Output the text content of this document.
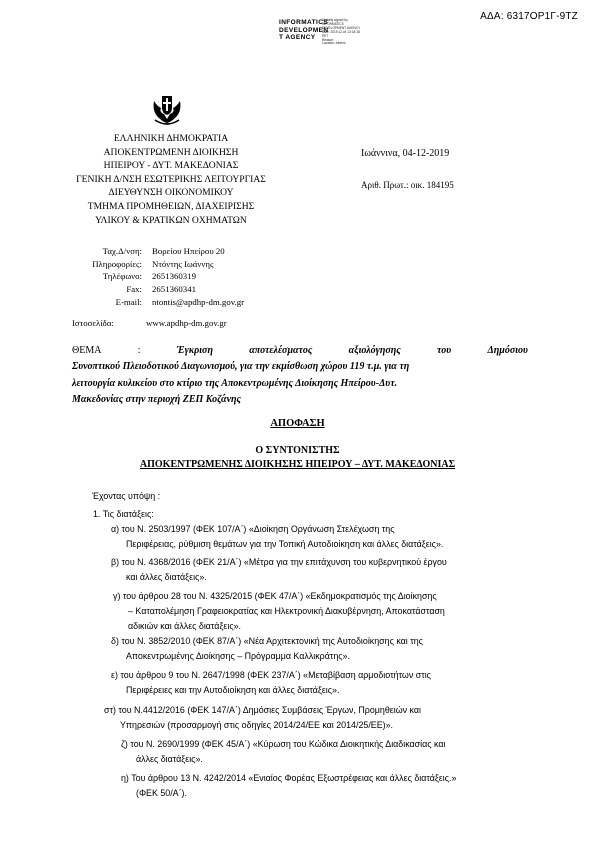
ΑΔΑ: 6317ΟΡ1Γ-9ΤΖ
INFORMATICS
DEVELOPMEN
T AGENCY
Digitally signed by
INFORMATICS
DEVELOPMENT AGENCY
Date: 2019.12.04 13:18:18
EET
Reason:
Location: Athens
ΕΛΛΗΝΙΚΗ ΔΗΜΟΚΡΑΤΙΑ
ΑΠΟΚΕΝΤΡΩΜΕΝΗ ΔΙΟΙΚΗΣΗ
ΗΠΕΙΡΟΥ - ΔΥΤ. ΜΑΚΕΔΟΝΙΑΣ
ΓΕΝΙΚΗ Δ/ΝΣΗ ΕΣΩΤΕΡΙΚΗΣ ΛΕΙΤΟΥΡΓΙΑΣ
ΔΙΕΥΘΥΝΣΗ ΟΙΚΟΝΟΜΙΚΟΥ
ΤΜΗΜΑ ΠΡΟΜΗΘΕΙΩΝ, ΔΙΑΧΕΙΡΙΣΗΣ
ΥΛΙΚΟΥ & ΚΡΑΤΙΚΩΝ ΟΧΗΜΑΤΩΝ
Ιωάννινα, 04-12-2019
Αριθ. Πρωτ.: οικ. 184195
Ταχ.Δ/νση:	Βορείου Ηπείρου 20
Πληροφορίες:	Ντόντης Ιωάννης
Τηλέφωνο:	2651360319
Fax:	2651360341
E-mail:	ntontis@apdhp-dm.gov.gr
Ιστοσελίδα:	www.apdhp-dm.gov.gr
ΘΕΜΑ	:	Έγκριση	αποτελέσματος	αξιολόγησης	του	Δημόσιου
Συνοπτικού Πλειοδοτικού Διαγωνισμού, για την εκμίσθωση χώρου 119 τ.μ. για τη
λειτουργία κυλικείου στο κτίριο της Αποκεντρωμένης Διοίκησης Ηπείρου-Δυτ.
Μακεδονίας στην περιοχή ΖΕΠ Κοζάνης
ΑΠΟΦΑΣΗ
Ο ΣΥΝΤΟΝΙΣΤΗΣ
ΑΠΟΚΕΝΤΡΩΜΕΝΗΣ ΔΙΟΙΚΗΣΗΣ ΗΠΕΙΡΟΥ – ΔΥΤ. ΜΑΚΕΔΟΝΙΑΣ
Έχοντας υπόψη :
1. Τις διατάξεις:
α) του Ν. 2503/1997 (ΦΕΚ 107/Α΄) «Διοίκηση Οργάνωση Στελέχωση της
Περιφέρειας, ρύθμιση θεμάτων για την Τοπική Αυτοδιοίκηση και άλλες διατάξεις».
β) του Ν. 4368/2016 (ΦΕΚ 21/Α΄) «Μέτρα για την επιτάχυνση του κυβερνητικού έργου
και άλλες διατάξεις».
γ) του άρθρου 28 του Ν. 4325/2015 (ΦΕΚ 47/Α΄) «Εκδημοκρατισμός της Διοίκησης
– Καταπολέμηση Γραφειοκρατίας και Ηλεκτρονική Διακυβέρνηση, Αποκατάσταση
αδικιών και άλλες διατάξεις».
δ) του Ν. 3852/2010 (ΦΕΚ 87/Α΄) «Νέα Αρχιτεκτονική της Αυτοδιοίκησης και της
Αποκεντρωμένης Διοίκησης – Πρόγραμμα Καλλικράτης».
ε) του άρθρου 9 του Ν. 2647/1998 (ΦΕΚ 237/Α΄) «Μεταβίβαση αρμοδιοτήτων στις
Περιφέρειες και την Αυτοδιοίκηση και άλλες διατάξεις».
στ) του Ν.4412/2016 (ΦΕΚ 147/Α΄) Δημόσιες Συμβάσεις Έργων, Προμηθειών και
Υπηρεσιών (προσαρμογή στις οδηγίες 2014/24/ΕΕ και 2014/25/ΕΕ)».
ζ) του Ν. 2690/1999 (ΦΕΚ 45/Α΄) «Κύρωση του Κώδικα Διοικητικής Διαδικασίας και
άλλες διατάξεις».
η) Του άρθρου 13 Ν. 4242/2014 «Ενιαίος Φορέας Εξωστρέφειας και άλλες διατάξεις.»
(ΦΕΚ 50/Α΄).
